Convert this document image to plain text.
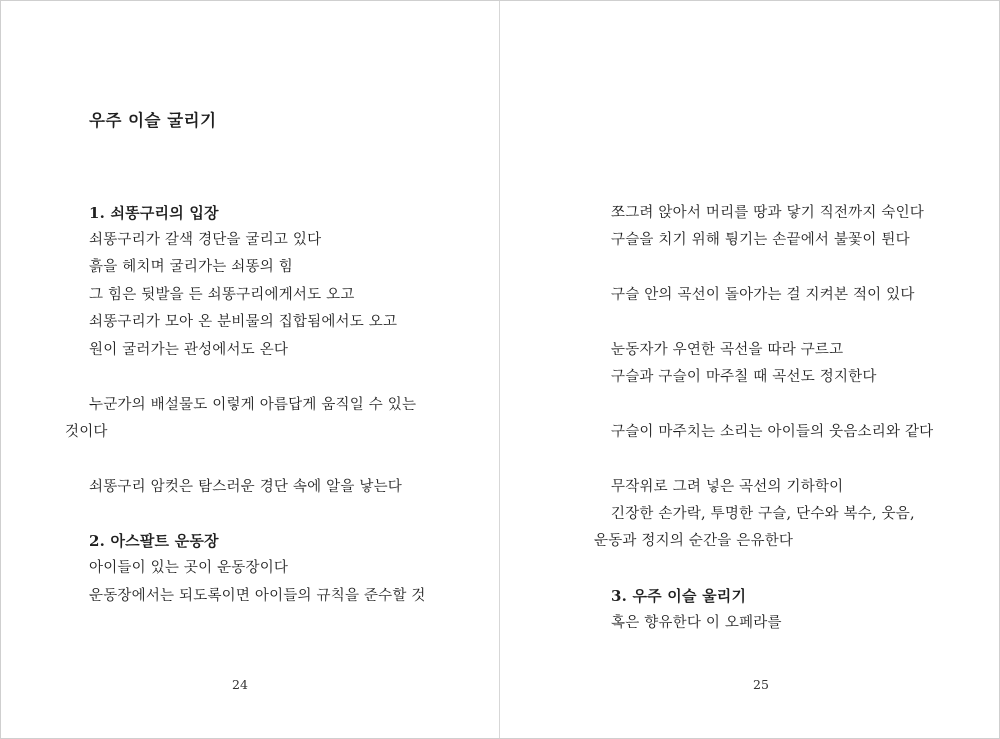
우주 이슬 굴리기
1. 쇠똥구리의 입장
쇠똥구리가 갈색 경단을 굴리고 있다
흙을 헤치며 굴리가는 쇠똥의 힘
그 힘은 뒷발을 든 쇠똥구리에게서도 오고
쇠똥구리가 모아 온 분비물의 집합됨에서도 오고
원이 굴러가는 관성에서도 온다
누군가의 배설물도 이렇게 아름답게 움직일 수 있는
것이다
쇠똥구리 암컷은 탐스러운 경단 속에 알을 낳는다
2. 아스팔트 운동장
아이들이 있는 곳이 운동장이다
운동장에서는 되도록이면 아이들의 규칙을 준수할 것
24
쪼그려 앉아서 머리를 땅과 닿기 직전까지 숙인다
구슬을 치기 위해 튕기는 손끝에서 불꽃이 튄다
구슬 안의 곡선이 돌아가는 걸 지켜본 적이 있다
눈동자가 우연한 곡선을 따라 구르고
구슬과 구슬이 마주칠 때 곡선도 정지한다
구슬이 마주치는 소리는 아이들의 웃음소리와 같다
무작위로 그려 넣은 곡선의 기하학이
긴장한 손가락, 투명한 구슬, 단수와 복수, 웃음,
운동과 정지의 순간을 은유한다
3. 우주 이슬 울리기
혹은 향유한다 이 오페라를
25
